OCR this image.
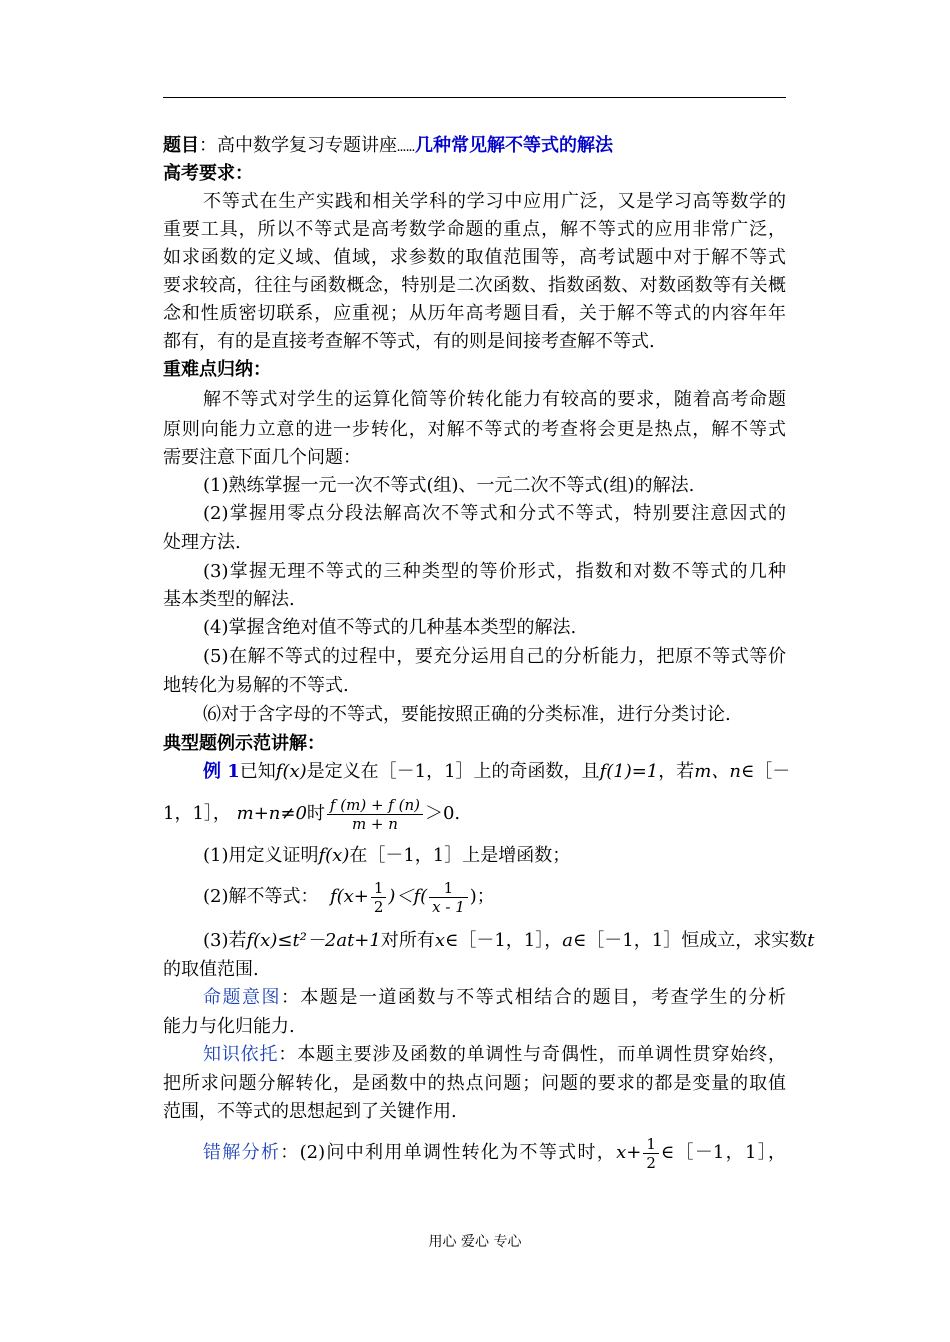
题目：高中数学复习专题讲座……几种常见解不等式的解法
高考要求：
不等式在生产实践和相关学科的学习中应用广泛，又是学习高等数学的
重要工具，所以不等式是高考数学命题的重点，解不等式的应用非常广泛，
如求函数的定义域、值域，求参数的取值范围等，高考试题中对于解不等式
要求较高，往往与函数概念，特别是二次函数、指数函数、对数函数等有关概
念和性质密切联系，应重视；从历年高考题目看，关于解不等式的内容年年
都有，有的是直接考查解不等式，有的则是间接考查解不等式.
重难点归纳：
解不等式对学生的运算化简等价转化能力有较高的要求，随着高考命题
原则向能力立意的进一步转化，对解不等式的考查将会更是热点，解不等式
需要注意下面几个问题：
(1)熟练掌握一元一次不等式(组)、一元二次不等式(组)的解法.
(2)掌握用零点分段法解高次不等式和分式不等式，特别要注意因式的
处理方法.
(3)掌握无理不等式的三种类型的等价形式，指数和对数不等式的几种
基本类型的解法.
(4)掌握含绝对值不等式的几种基本类型的解法.
(5)在解不等式的过程中，要充分运用自己的分析能力，把原不等式等价
地转化为易解的不等式.
⑹对于含字母的不等式，要能按照正确的分类标准，进行分类讨论.
典型题例示范讲解：
例 1已知f(x)是定义在［－1，1］上的奇函数，且f(1)=1，若m、n∈［－
1，1］， m+n≠0时 $\frac{f (m) + f (n)}{m + n} >0$.
(1)用定义证明f(x)在［－1，1］上是增函数；
(2)解不等式： $f(x+ \frac{1}{2} )<f( \frac{1}{x - 1}$ )；
(3)若f(x)≤t²－2at+1对所有x∈［－1，1］，a∈［－1，1］恒成立，求实数t
的取值范围.
命题意图：本题是一道函数与不等式相结合的题目，考查学生的分析
能力与化归能力.
知识依托：本题主要涉及函数的单调性与奇偶性，而单调性贯穿始终，
把所求问题分解转化，是函数中的热点问题；问题的要求的都是变量的取值
范围，不等式的思想起到了关键作用.
错解分析：(2)问中利用单调性转化为不等式时，$x+ \frac{1}{2}$ ∈［－1，1］，
用心 爱心 专心
